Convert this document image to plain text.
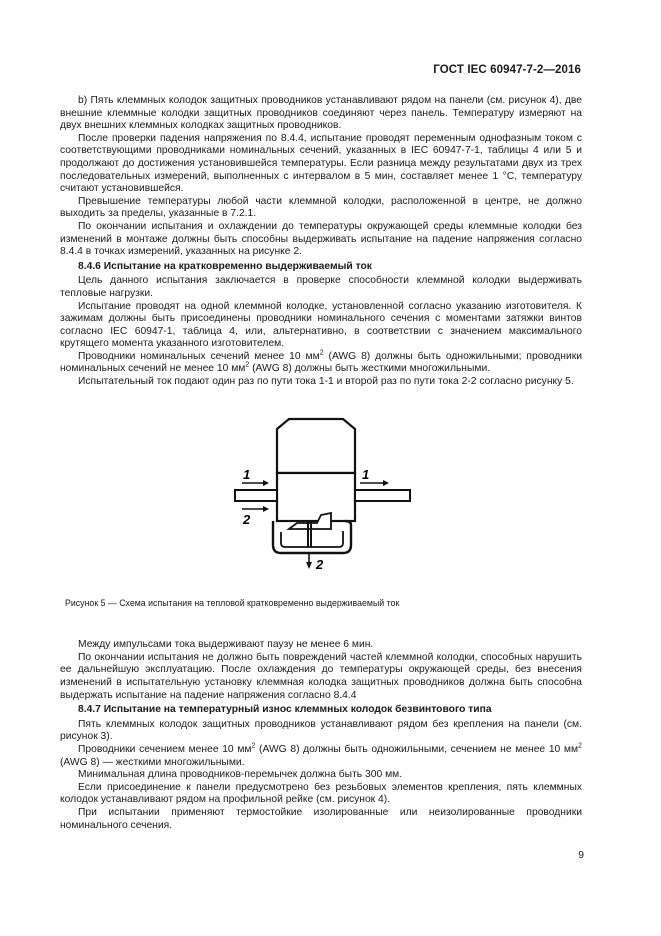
ГОСТ IEC 60947-7-2—2016

b) Пять клеммных колодок защитных проводников устанавливают рядом на панели (см. рисунок 4), две внешние клеммные колодки защитных проводников соединяют через панель. Температуру измеряют на двух внешних клеммных колодках защитных проводников.

После проверки падения напряжения по 8.4.4, испытание проводят переменным однофазным током с соответствующими проводниками номинальных сечений, указанных в IEC 60947-7-1, таблицы 4 или 5 и продолжают до достижения установившейся температуры. Если разница между результатами двух из трех последовательных измерений, выполненных с интервалом в 5 мин, составляет менее 1 °С, температуру считают установившейся.

Превышение температуры любой части клеммной колодки, расположенной в центре, не должно выходить за пределы, указанные в 7.2.1.

По окончании испытания и охлаждении до температуры окружающей среды клеммные колодки без изменений в монтаже должны быть способны выдерживать испытание на падение напряжения согласно 8.4.4 в точках измерений, указанных на рисунке 2.

8.4.6 Испытание на кратковременно выдерживаемый ток

Цель данного испытания заключается в проверке способности клеммной колодки выдерживать тепловые нагрузки.

Испытание проводят на одной клеммной колодке, установленной согласно указанию изготовителя. К зажимам должны быть присоединены проводники номинального сечения с моментами затяжки винтов согласно IEC 60947-1, таблица 4, или, альтернативно, в соответствии с значением максимального крутящего момента указанного изготовителем.

Проводники номинальных сечений менее 10 $мм^2$ (AWG 8) должны быть одножильными; проводники номинальных сечений не менее 10 $мм^2$ (AWG 8) должны быть жесткими многожильными.

Испытательный ток подают один раз по пути тока 1-1 и второй раз по пути тока 2-2 согласно рисунку 5.

1
2
1
2
Рисунок 5 — Схема испытания на тепловой кратковременно выдерживаемый ток

Между импульсами тока выдерживают паузу не менее 6 мин.

По окончании испытания не должно быть повреждений частей клеммной колодки, способных нарушить ее дальнейшую эксплуатацию. После охлаждения до температуры окружающей среды, без внесения изменений в испытательную установку клеммная колодка защитных проводников должна быть способна выдержать испытание на падение напряжения согласно 8.4.4

8.4.7 Испытание на температурный износ клеммных колодок безвинтового типа

Пять клеммных колодок защитных проводников устанавливают рядом без крепления на панели (см. рисунок 3).

Проводники сечением менее 10 $мм^2$ (AWG 8) должны быть одножильными, сечением не менее 10 $мм^2$ (AWG 8) — жесткими многожильными.

Минимальная длина проводников-перемычек должна быть 300 мм.

Если присоединение к панели предусмотрено без резьбовых элементов крепления, пять клеммных колодок устанавливают рядом на профильной рейке (см. рисунок 4).

При испытании применяют термостойкие изолированные или неизолированные проводники номинального сечения.

9
